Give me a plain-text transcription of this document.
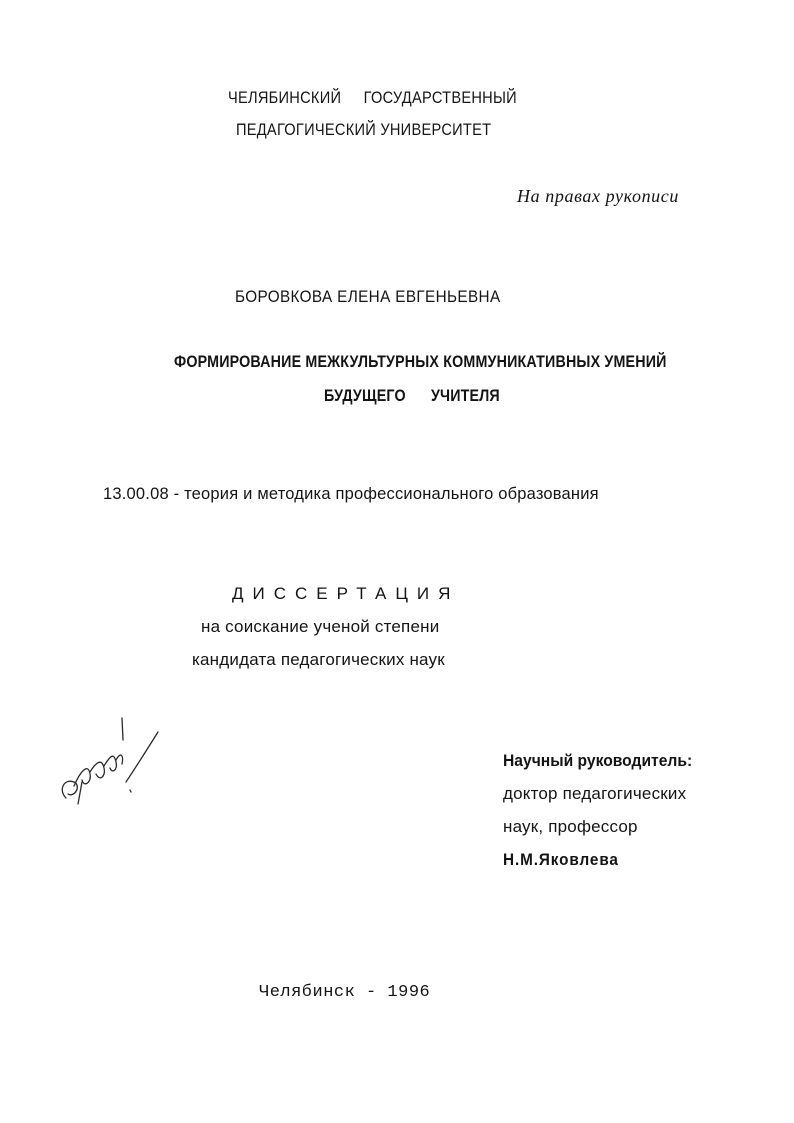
ЧЕЛЯБИНСКИЙ ГОСУДАРСТВЕННЫЙ
ПЕДАГОГИЧЕСКИЙ УНИВЕРСИТЕТ
На правах рукописи
БОРОВКОВА ЕЛЕНА ЕВГЕНЬЕВНА
ФОРМИРОВАНИЕ МЕЖКУЛЬТУРНЫХ КОММУНИКАТИВНЫХ УМЕНИЙ
БУДУЩЕГО УЧИТЕЛЯ
13.00.08 - теория и методика профессионального образования
ДИССЕРТАЦИЯ
на соискание ученой степени
кандидата педагогических наук
Научный руководитель:
доктор педагогических
наук, профессор
Н.М.Яковлева
Челябинск - 1996
